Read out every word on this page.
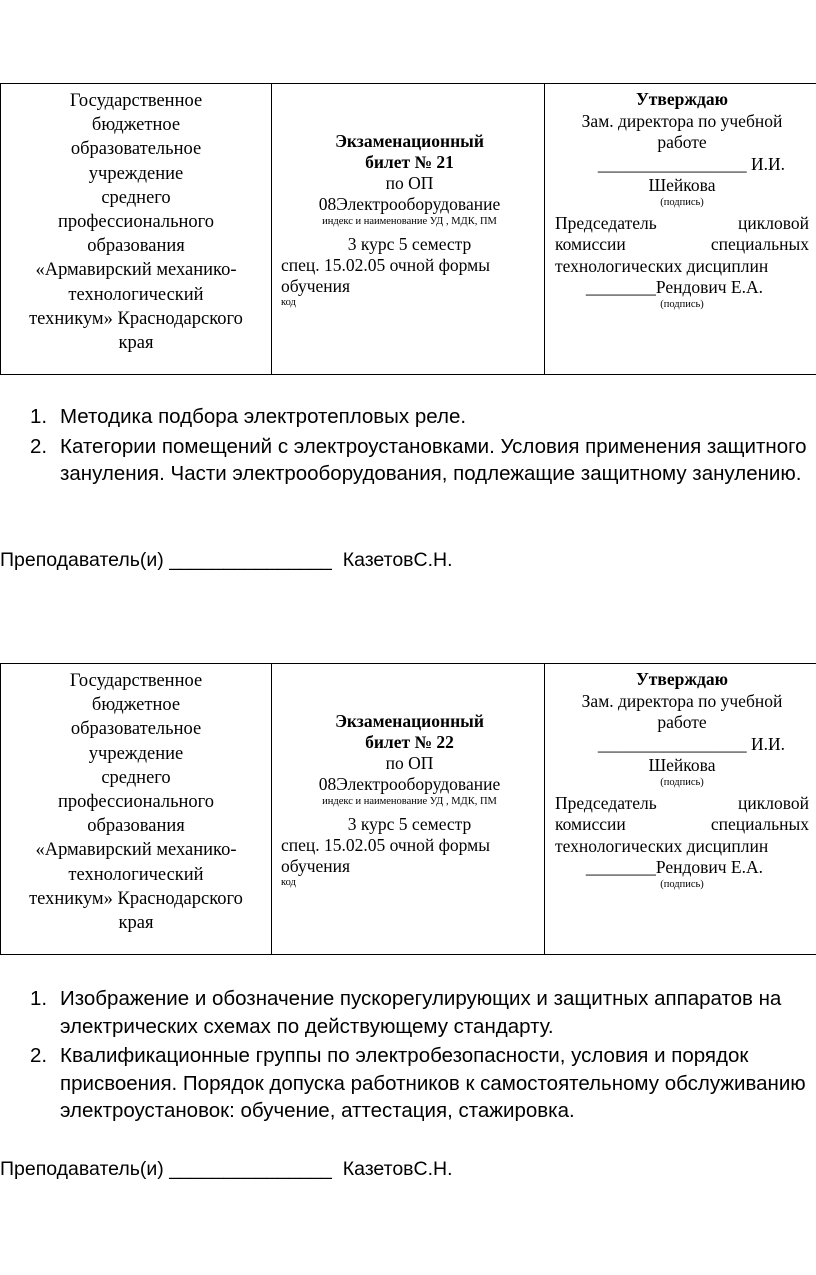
Государственное
бюджетное
образовательное
учреждение
среднего
профессионального
образования
«Армавирский механико-
технологический
техникум» Краснодарского
края

Экзаменационный
билет № 21
по ОП
08Электрооборудование
индекс и наименование УД , МДК, ПМ
3 курс 5 семестр
спец. 15.02.05 очной формы
обучения
код

Утверждаю
Зам. директора по учебной
работе
_________________ И.И.
Шейкова
(подпись)
Председатель цикловой
комиссии специальных
технологических дисциплин
________Рендович Е.А.
(подпись)
1. Методика подбора электротепловых реле.
2. Категории помещений с электроустановками. Условия применения защитного зануления. Части электрооборудования, подлежащие защитному занулению.
Преподаватель(и) _______________  КазетовС.Н.
Государственное
бюджетное
образовательное
учреждение
среднего
профессионального
образования
«Армавирский механико-
технологический
техникум» Краснодарского
края

Экзаменационный
билет № 22
по ОП
08Электрооборудование
индекс и наименование УД , МДК, ПМ
3 курс 5 семестр
спец. 15.02.05 очной формы
обучения
код

Утверждаю
Зам. директора по учебной
работе
_________________ И.И.
Шейкова
(подпись)
Председатель цикловой
комиссии специальных
технологических дисциплин
________Рендович Е.А.
(подпись)
1. Изображение и обозначение пускорегулирующих и защитных аппаратов на электрических схемах по действующему стандарту.
2. Квалификационные группы по электробезопасности, условия и порядок присвоения. Порядок допуска работников к самостоятельному обслуживанию электроустановок: обучение, аттестация, стажировка.
Преподаватель(и) _______________  КазетовС.Н.
